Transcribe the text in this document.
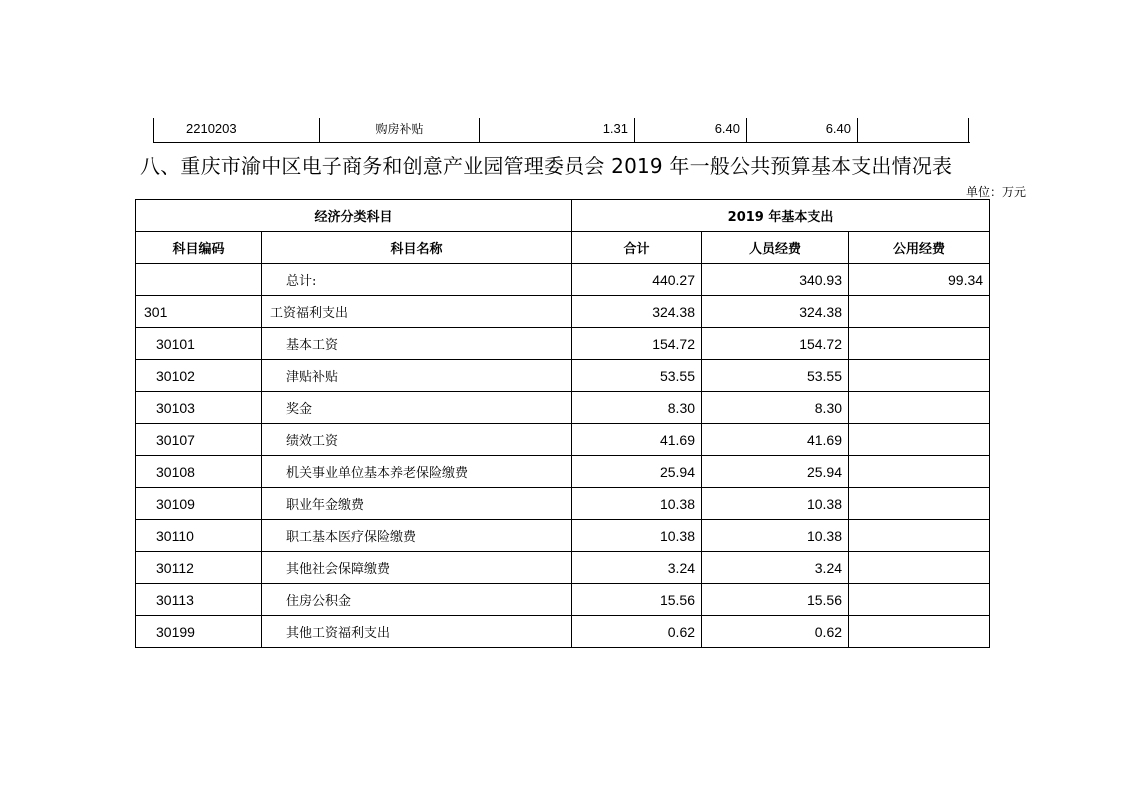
2210203	购房补贴	1.31	6.40	6.40
八、重庆市渝中区电子商务和创意产业园管理委员会 2019 年一般公共预算基本支出情况表
单位：万元
经济分类科目		2019 年基本支出		
科目编码	科目名称	合计	人员经费	公用经费
	总计:	440.27	340.93	99.34
301	工资福利支出	324.38	324.38	
30101	基本工资	154.72	154.72	
30102	津贴补贴	53.55	53.55	
30103	奖金	8.30	8.30	
30107	绩效工资	41.69	41.69	
30108	机关事业单位基本养老保险缴费	25.94	25.94	
30109	职业年金缴费	10.38	10.38	
30110	职工基本医疗保险缴费	10.38	10.38	
30112	其他社会保障缴费	3.24	3.24	
30113	住房公积金	15.56	15.56	
30199	其他工资福利支出	0.62	0.62	
